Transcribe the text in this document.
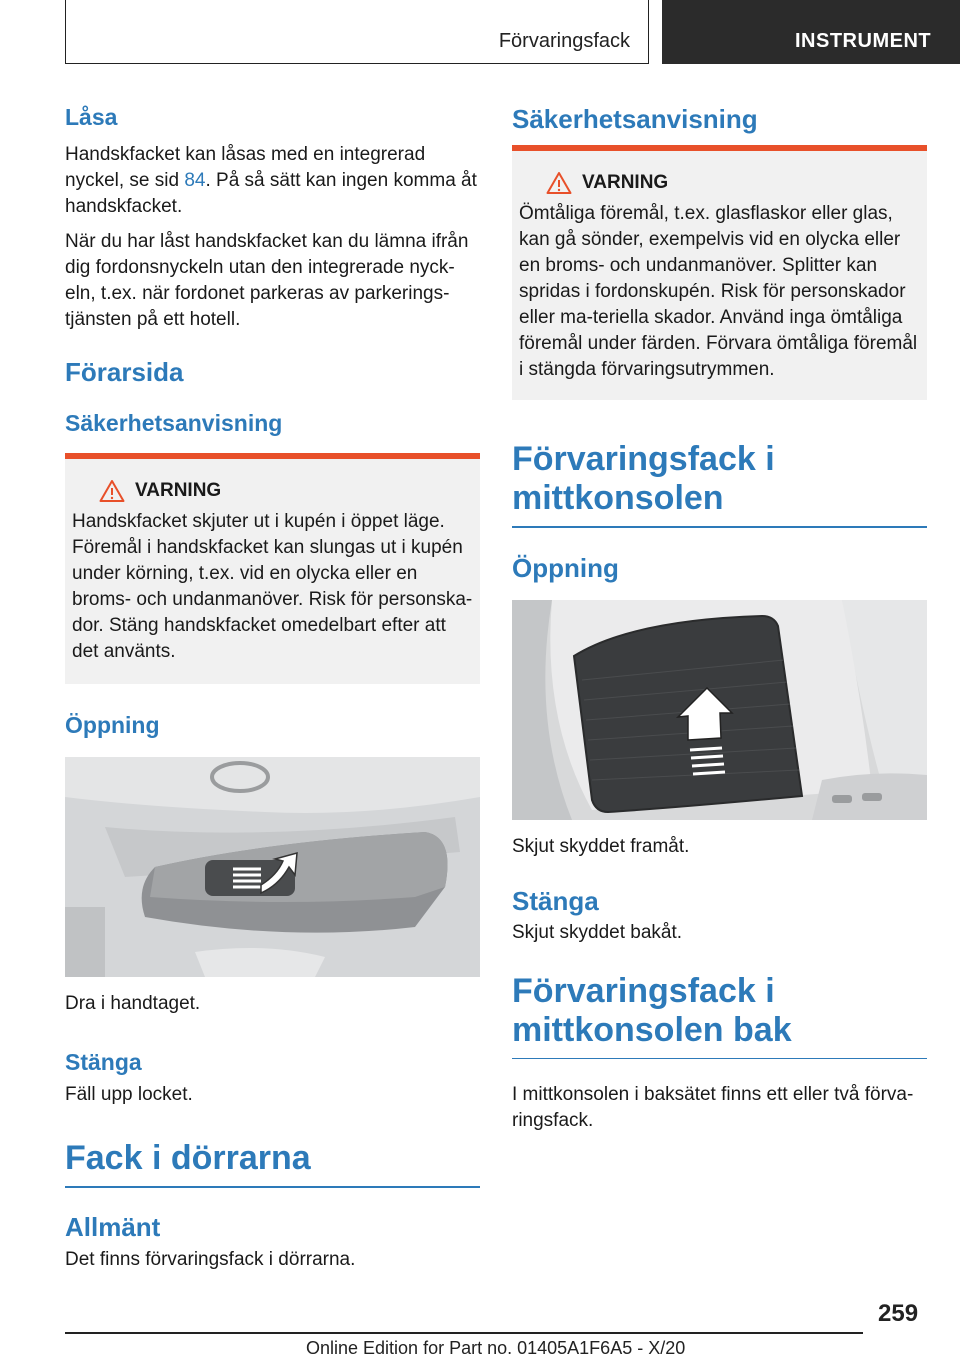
Förvaringsfack	INSTRUMENT
Låsa

Handskfacket kan låsas med en integrerad nyckel, se sid 84. På så sätt kan ingen komma åt handskfacket.

När du har låst handskfacket kan du lämna ifrån dig fordonsnyckeln utan den integrerade nyck-eln, t.ex. när fordonet parkeras av parkerings-tjänsten på ett hotell.

Förarsida
Säkerhetsanvisning
VARNING

Handskfacket skjuter ut i kupén i öppet läge. Föremål i handskfacket kan slungas ut i kupén under körning, t.ex. vid en olycka eller en broms- och undanmanöver. Risk för personska-dor. Stäng handskfacket omedelbart efter att det använts.

Öppning

Dra i handtaget.

Stänga

Fäll upp locket.

Fack i dörrarna
Allmänt

Det finns förvaringsfack i dörrarna.

Säkerhetsanvisning
VARNING

Ömtåliga föremål, t.ex. glasflaskor eller glas, kan gå sönder, exempelvis vid en olycka eller en broms- och undanmanöver. Splitter kan spridas i fordonskupén. Risk för personskador eller ma-teriella skador. Använd inga ömtåliga föremål under färden. Förvara ömtåliga föremål i stängda förvaringsutrymmen.

Förvaringsfack i mittkonsolen
Öppning

Skjut skyddet framåt.

Stänga

Skjut skyddet bakåt.

Förvaringsfack i mittkonsolen bak

I mittkonsolen i baksätet finns ett eller två förva-ringsfack.

259
Online Edition for Part no. 01405A1F6A5 - X/20
